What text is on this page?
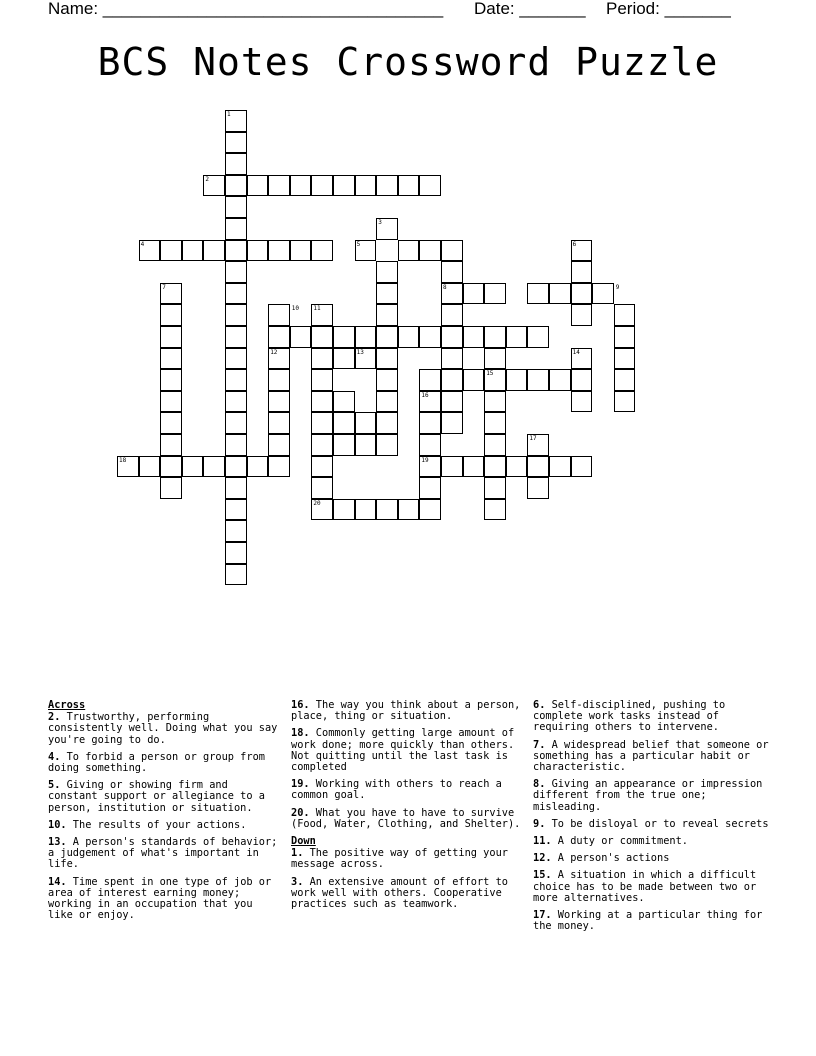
Name: ____________________________________ Date: _______ Period: _______
BCS Notes Crossword Puzzle
1
2
3
4	5	6
7	8	9
10 11
12	13	14
15
16
17
18	19
20
Across
2. Trustworthy, performing consistently well. Doing what you say you're going to do.
4. To forbid a person or group from doing something.
5. Giving or showing firm and constant support or allegiance to a person, institution or situation.
10. The results of your actions.
13. A person's standards of behavior; a judgement of what's important in life.
14. Time spent in one type of job or area of interest earning money; working in an occupation that you like or enjoy.
16. The way you think about a person, place, thing or situation.
18. Commonly getting large amount of work done; more quickly than others. Not quitting until the last task is completed
19. Working with others to reach a common goal.
20. What you have to have to survive (Food, Water, Clothing, and Shelter).
Down
1. The positive way of getting your message across.
3. An extensive amount of effort to work well with others. Cooperative practices such as teamwork.
6. Self-disciplined, pushing to complete work tasks instead of requiring others to intervene.
7. A widespread belief that someone or something has a particular habit or characteristic.
8. Giving an appearance or impression different from the true one; misleading.
9. To be disloyal or to reveal secrets
11. A duty or commitment.
12. A person's actions
15. A situation in which a difficult choice has to be made between two or more alternatives.
17. Working at a particular thing for the money.
